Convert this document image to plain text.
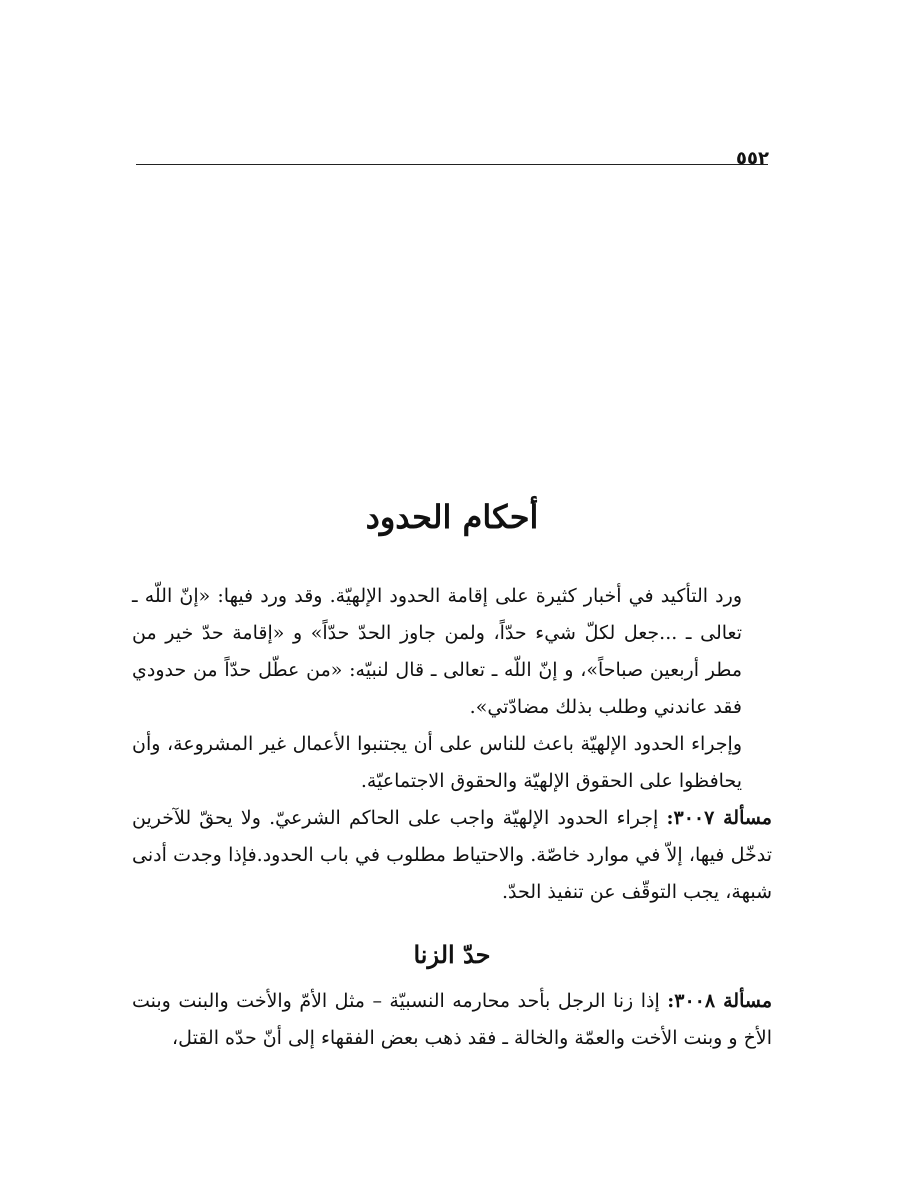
٥٥٢
أحكام الحدود

ورد التأكيد في أخبار كثيرة على إقامة الحدود الإلهيّة. وقد ورد فيها: «إنّ اللّه ـ تعالى ـ ...جعل لكلّ شيء حدّاً، ولمن جاوز الحدّ حدّاً» و «إقامة حدّ خير من مطر أربعين صباحاً»، و إنّ اللّه ـ تعالى ـ قال لنبيّه: «من عطّل حدّاً من حدودي فقد عاندني وطلب بذلك مضادّتي».

وإجراء الحدود الإلهيّة باعث للناس على أن يجتنبوا الأعمال غير المشروعة، وأن يحافظوا على الحقوق الإلهيّة والحقوق الاجتماعيّة.

مسألة ٣٠٠٧: إجراء الحدود الإلهيّة واجب على الحاكم الشرعيّ. ولا يحقّ للآخرين تدخّل فيها، إلاّ في موارد خاصّة. والاحتياط مطلوب في باب الحدود.فإذا وجدت أدنى شبهة، يجب التوقّف عن تنفيذ الحدّ.

حدّ الزنا

مسألة ٣٠٠٨: إذا زنا الرجل بأحد محارمه النسبيّة – مثل الأمّ والأخت والبنت وبنت الأخ و وبنت الأخت والعمّة والخالة ـ فقد ذهب بعض الفقهاء إلى أنّ حدّه القتل،
